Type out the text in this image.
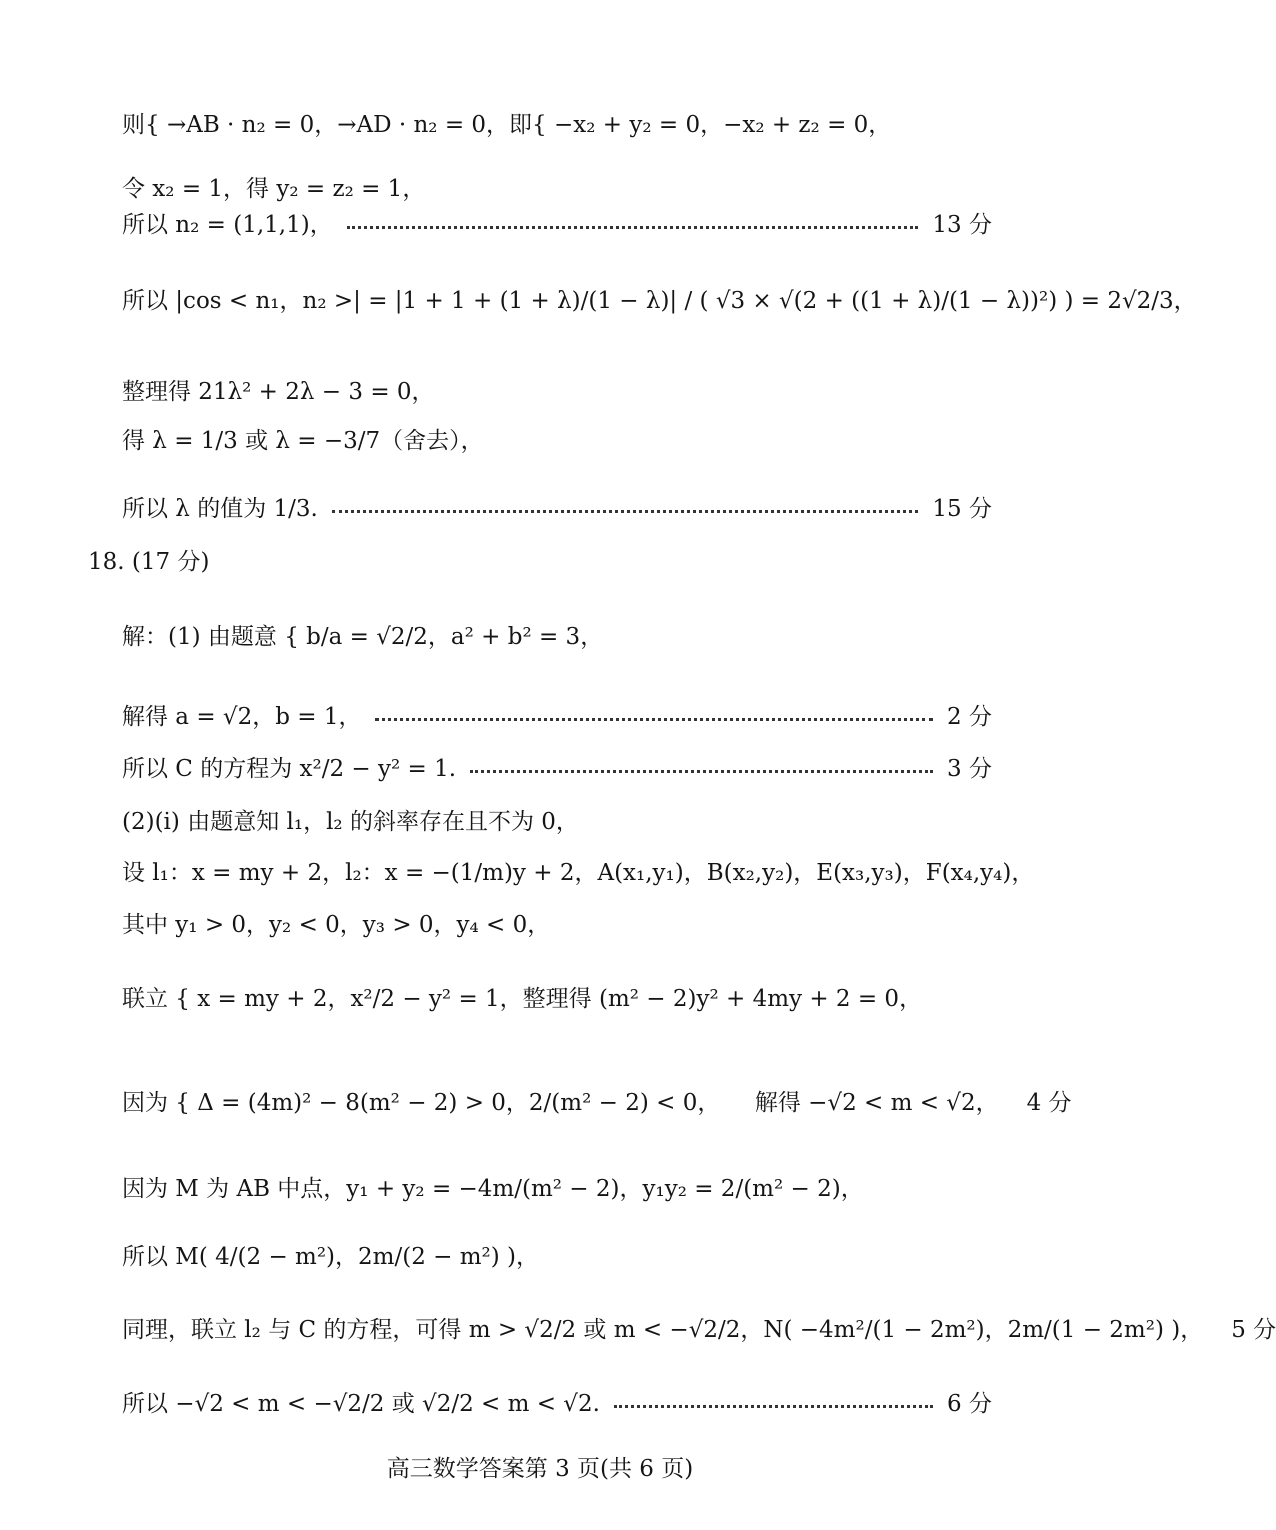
则{ →AB · n₂ = 0，→AD · n₂ = 0，即{ −x₂ + y₂ = 0，−x₂ + z₂ = 0，
令 x₂ = 1，得 y₂ = z₂ = 1，
所以 n₂ = (1,1,1)，	13 分
所以 |cos < n₁，n₂ >| = |1 + 1 + (1 + λ)/(1 − λ)| / ( √3 × √(2 + ((1 + λ)/(1 − λ))²) ) = 2√2/3，
整理得 21λ² + 2λ − 3 = 0，
得 λ = 1/3 或 λ = −3/7（舍去），
所以 λ 的值为 1/3.	15 分
18. (17 分)
解：(1) 由题意 { b/a = √2/2，a² + b² = 3，
解得 a = √2，b = 1，	2 分
所以 C 的方程为 x²/2 − y² = 1.	3 分
(2)(ⅰ) 由题意知 l₁，l₂ 的斜率存在且不为 0，
设 l₁：x = my + 2，l₂：x = −(1/m)y + 2，A(x₁,y₁)，B(x₂,y₂)，E(x₃,y₃)，F(x₄,y₄)，
其中 y₁ > 0，y₂ < 0，y₃ > 0，y₄ < 0，
联立 { x = my + 2，x²/2 − y² = 1，整理得 (m² − 2)y² + 4my + 2 = 0，
因为 { Δ = (4m)² − 8(m² − 2) > 0，2/(m² − 2) < 0，　　解得 −√2 < m < √2， 4 分
因为 M 为 AB 中点，y₁ + y₂ = −4m/(m² − 2)，y₁y₂ = 2/(m² − 2)，
所以 M( 4/(2 − m²)，2m/(2 − m²) )，
同理，联立 l₂ 与 C 的方程，可得 m > √2/2 或 m < −√2/2，N( −4m²/(1 − 2m²)，2m/(1 − 2m²) )， 5 分
所以 −√2 < m < −√2/2 或 √2/2 < m < √2.	6 分
高三数学答案第 3 页(共 6 页)
